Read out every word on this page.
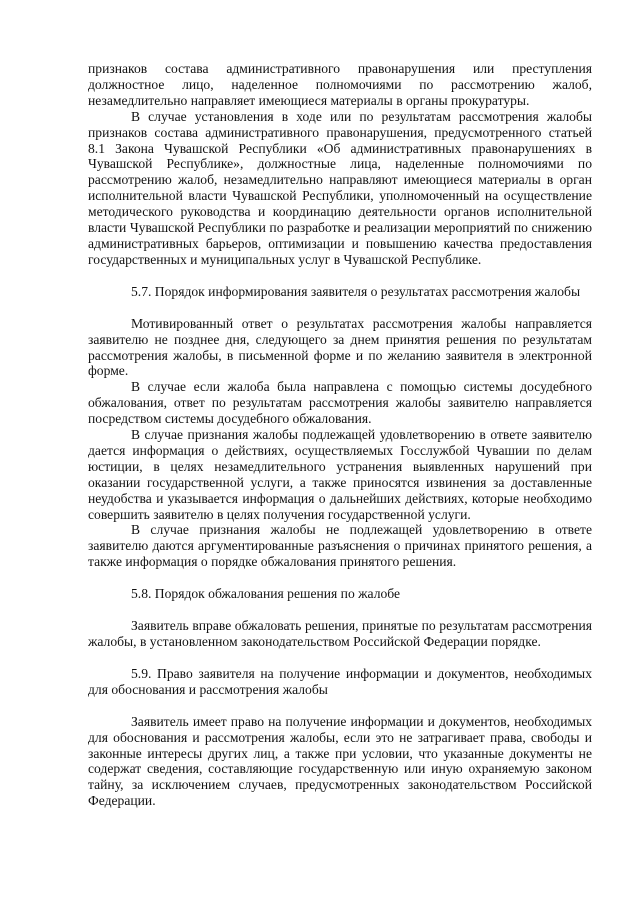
признаков состава административного правонарушения или преступления должностное лицо, наделенное полномочиями по рассмотрению жалоб, незамедлительно направляет имеющиеся материалы в органы прокуратуры.

В случае установления в ходе или по результатам рассмотрения жалобы признаков состава административного правонарушения, предусмотренного статьей 8.1 Закона Чувашской Республики «Об административных правонарушениях в Чувашской Республике», должностные лица, наделенные полномочиями по рассмотрению жалоб, незамедлительно направляют имеющиеся материалы в орган исполнительной власти Чувашской Республики, уполномоченный на осуществление методического руководства и координацию деятельности органов исполнительной власти Чувашской Республики по разработке и реализации мероприятий по снижению административных барьеров, оптимизации и повышению качества предоставления государственных и муниципальных услуг в Чувашской Республике.

5.7. Порядок информирования заявителя о результатах рассмотрения жалобы

Мотивированный ответ о результатах рассмотрения жалобы направляется заявителю не позднее дня, следующего за днем принятия решения по результатам рассмотрения жалобы, в письменной форме и по желанию заявителя в электронной форме.

В случае если жалоба была направлена с помощью системы досудебного обжалования, ответ по результатам рассмотрения жалобы заявителю направляется посредством системы досудебного обжалования.

В случае признания жалобы подлежащей удовлетворению в ответе заявителю дается информация о действиях, осуществляемых Госслужбой Чувашии по делам юстиции, в целях незамедлительного устранения выявленных нарушений при оказании государственной услуги, а также приносятся извинения за доставленные неудобства и указывается информация о дальнейших действиях, которые необходимо совершить заявителю в целях получения государственной услуги.

В случае признания жалобы не подлежащей удовлетворению в ответе заявителю даются аргументированные разъяснения о причинах принятого решения, а также информация о порядке обжалования принятого решения.

5.8. Порядок обжалования решения по жалобе

Заявитель вправе обжаловать решения, принятые по результатам рассмотрения жалобы, в установленном законодательством Российской Федерации порядке.

5.9. Право заявителя на получение информации и документов, необходимых для обоснования и рассмотрения жалобы

Заявитель имеет право на получение информации и документов, необходимых для обоснования и рассмотрения жалобы, если это не затрагивает права, свободы и законные интересы других лиц, а также при условии, что указанные документы не содержат сведения, составляющие государственную или иную охраняемую законом тайну, за исключением случаев, предусмотренных законодательством Российской Федерации.
